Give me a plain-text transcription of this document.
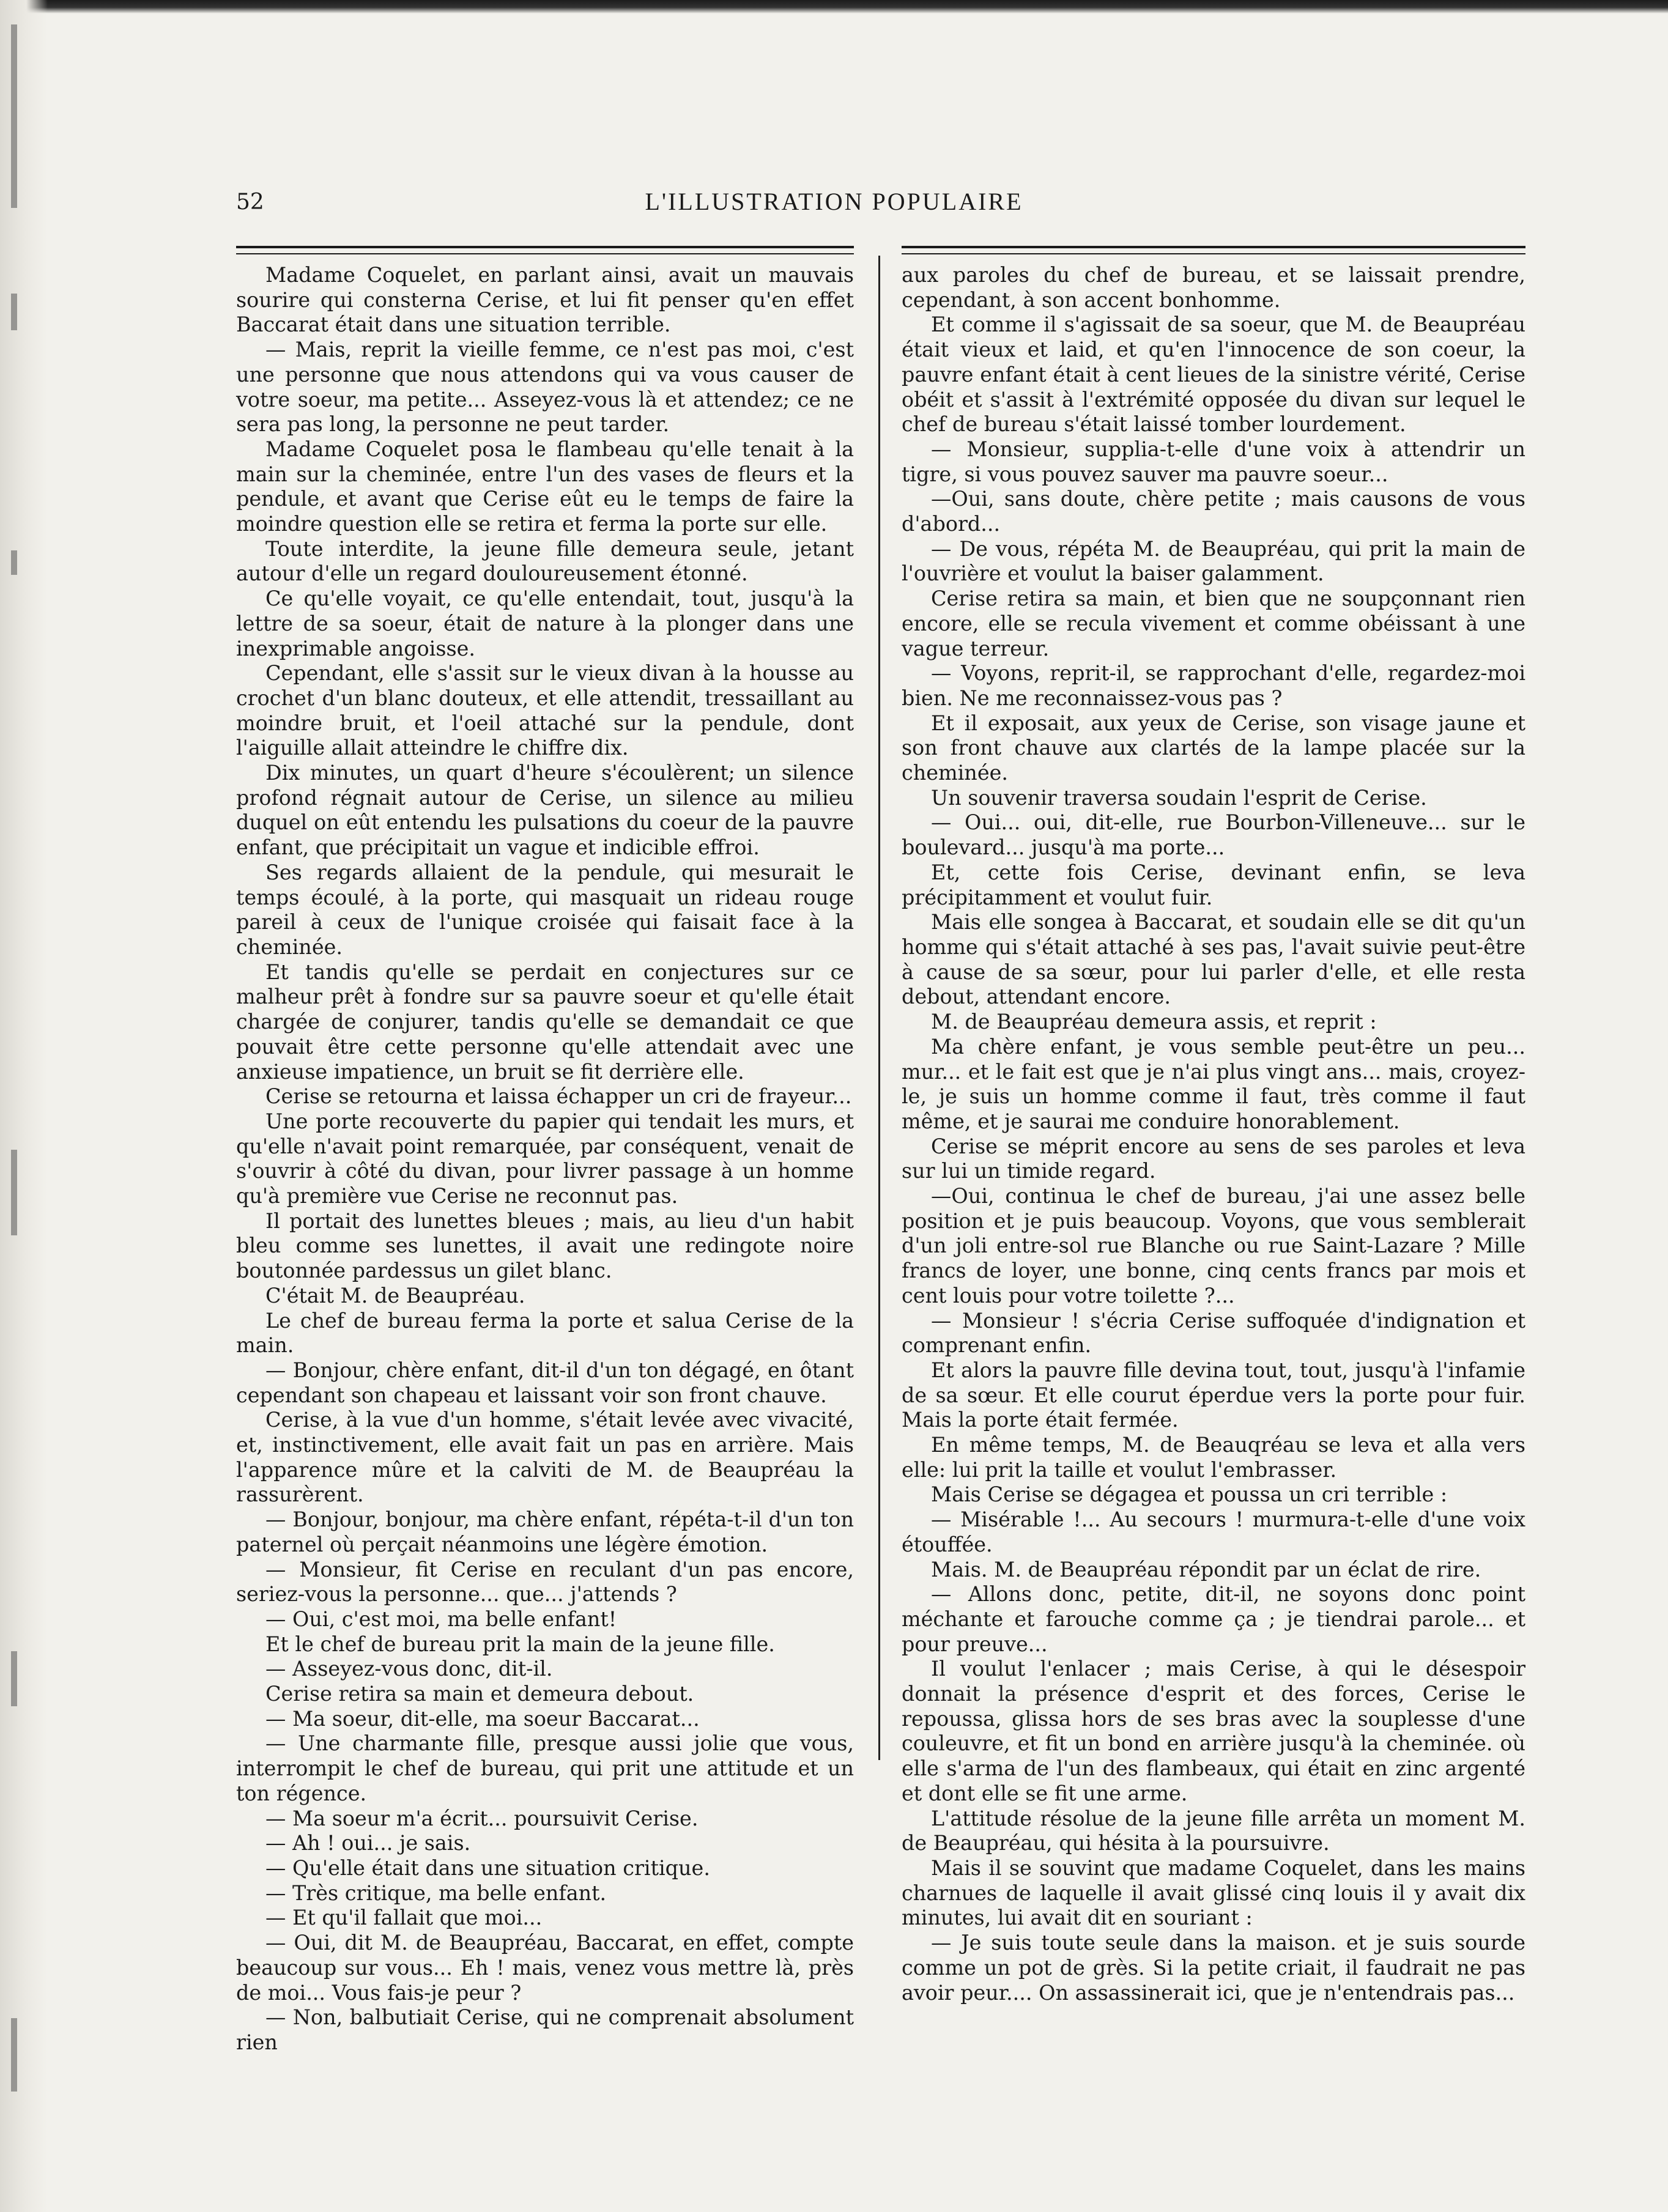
52	L'ILLUSTRATION POPULAIRE

Madame Coquelet, en parlant ainsi, avait un mauvais sourire qui consterna Cerise, et lui fit penser qu'en effet Baccarat était dans une situation terrible.

— Mais, reprit la vieille femme, ce n'est pas moi, c'est une personne que nous attendons qui va vous causer de votre soeur, ma petite... Asseyez-vous là et attendez; ce ne sera pas long, la personne ne peut tarder.

Madame Coquelet posa le flambeau qu'elle tenait à la main sur la cheminée, entre l'un des vases de fleurs et la pendule, et avant que Cerise eût eu le temps de faire la moindre question elle se retira et ferma la porte sur elle.

Toute interdite, la jeune fille demeura seule, jetant autour d'elle un regard douloureusement étonné.

Ce qu'elle voyait, ce qu'elle entendait, tout, jusqu'à la lettre de sa soeur, était de nature à la plonger dans une inexprimable angoisse.

Cependant, elle s'assit sur le vieux divan à la housse au crochet d'un blanc douteux, et elle attendit, tressaillant au moindre bruit, et l'oeil attaché sur la pendule, dont l'aiguille allait atteindre le chiffre dix.

Dix minutes, un quart d'heure s'écoulèrent; un silence profond régnait autour de Cerise, un silence au milieu duquel on eût entendu les pulsations du coeur de la pauvre enfant, que précipitait un vague et indicible effroi.

Ses regards allaient de la pendule, qui mesurait le temps écoulé, à la porte, qui masquait un rideau rouge pareil à ceux de l'unique croisée qui faisait face à la cheminée.

Et tandis qu'elle se perdait en conjectures sur ce malheur prêt à fondre sur sa pauvre soeur et qu'elle était chargée de conjurer, tandis qu'elle se demandait ce que pouvait être cette personne qu'elle attendait avec une anxieuse impatience, un bruit se fit derrière elle.

Cerise se retourna et laissa échapper un cri de frayeur...

Une porte recouverte du papier qui tendait les murs, et qu'elle n'avait point remarquée, par conséquent, venait de s'ouvrir à côté du divan, pour livrer passage à un homme qu'à première vue Cerise ne reconnut pas.

Il portait des lunettes bleues ; mais, au lieu d'un habit bleu comme ses lunettes, il avait une redingote noire boutonnée pardessus un gilet blanc.

C'était M. de Beaupréau.

Le chef de bureau ferma la porte et salua Cerise de la main.

— Bonjour, chère enfant, dit-il d'un ton dégagé, en ôtant cependant son chapeau et laissant voir son front chauve.

Cerise, à la vue d'un homme, s'était levée avec vivacité, et, instinctivement, elle avait fait un pas en arrière. Mais l'apparence mûre et la calviti de M. de Beaupréau la rassurèrent.

— Bonjour, bonjour, ma chère enfant, répéta-t-il d'un ton paternel où perçait néanmoins une légère émotion.

— Monsieur, fit Cerise en reculant d'un pas encore, seriez-vous la personne... que... j'attends ?

— Oui, c'est moi, ma belle enfant!

Et le chef de bureau prit la main de la jeune fille.

— Asseyez-vous donc, dit-il.

Cerise retira sa main et demeura debout.

— Ma soeur, dit-elle, ma soeur Baccarat...

— Une charmante fille, presque aussi jolie que vous, interrompit le chef de bureau, qui prit une attitude et un ton régence.

— Ma soeur m'a écrit... poursuivit Cerise.

— Ah ! oui... je sais.

— Qu'elle était dans une situation critique.

— Très critique, ma belle enfant.

— Et qu'il fallait que moi...

— Oui, dit M. de Beaupréau, Baccarat, en effet, compte beaucoup sur vous... Eh ! mais, venez vous mettre là, près de moi... Vous fais-je peur ?

— Non, balbutiait Cerise, qui ne comprenait absolument rien

aux paroles du chef de bureau, et se laissait prendre, cependant, à son accent bonhomme.

Et comme il s'agissait de sa soeur, que M. de Beaupréau était vieux et laid, et qu'en l'innocence de son coeur, la pauvre enfant était à cent lieues de la sinistre vérité, Cerise obéit et s'assit à l'extrémité opposée du divan sur lequel le chef de bureau s'était laissé tomber lourdement.

— Monsieur, supplia-t-elle d'une voix à attendrir un tigre, si vous pouvez sauver ma pauvre soeur...

—Oui, sans doute, chère petite ; mais causons de vous d'abord...

— De vous, répéta M. de Beaupréau, qui prit la main de l'ouvrière et voulut la baiser galamment.

Cerise retira sa main, et bien que ne soupçonnant rien encore, elle se recula vivement et comme obéissant à une vague terreur.

— Voyons, reprit-il, se rapprochant d'elle, regardez-moi bien. Ne me reconnaissez-vous pas ?

Et il exposait, aux yeux de Cerise, son visage jaune et son front chauve aux clartés de la lampe placée sur la cheminée.

Un souvenir traversa soudain l'esprit de Cerise.

— Oui... oui, dit-elle, rue Bourbon-Villeneuve... sur le boulevard... jusqu'à ma porte...

Et, cette fois Cerise, devinant enfin, se leva précipitamment et voulut fuir.

Mais elle songea à Baccarat, et soudain elle se dit qu'un homme qui s'était attaché à ses pas, l'avait suivie peut-être à cause de sa sœur, pour lui parler d'elle, et elle resta debout, attendant encore.

M. de Beaupréau demeura assis, et reprit :

Ma chère enfant, je vous semble peut-être un peu... mur... et le fait est que je n'ai plus vingt ans... mais, croyez-le, je suis un homme comme il faut, très comme il faut même, et je saurai me conduire honorablement.

Cerise se méprit encore au sens de ses paroles et leva sur lui un timide regard.

—Oui, continua le chef de bureau, j'ai une assez belle position et je puis beaucoup. Voyons, que vous semblerait d'un joli entre-sol rue Blanche ou rue Saint-Lazare ? Mille francs de loyer, une bonne, cinq cents francs par mois et cent louis pour votre toilette ?...

— Monsieur ! s'écria Cerise suffoquée d'indignation et comprenant enfin.

Et alors la pauvre fille devina tout, tout, jusqu'à l'infamie de sa sœur. Et elle courut éperdue vers la porte pour fuir. Mais la porte était fermée.

En même temps, M. de Beauqréau se leva et alla vers elle: lui prit la taille et voulut l'embrasser.

Mais Cerise se dégagea et poussa un cri terrible :

— Misérable !... Au secours ! murmura-t-elle d'une voix étouffée.

Mais. M. de Beaupréau répondit par un éclat de rire.

— Allons donc, petite, dit-il, ne soyons donc point méchante et farouche comme ça ; je tiendrai parole... et pour preuve...

Il voulut l'enlacer ; mais Cerise, à qui le désespoir donnait la présence d'esprit et des forces, Cerise le repoussa, glissa hors de ses bras avec la souplesse d'une couleuvre, et fit un bond en arrière jusqu'à la cheminée. où elle s'arma de l'un des flambeaux, qui était en zinc argenté et dont elle se fit une arme.

L'attitude résolue de la jeune fille arrêta un moment M. de Beaupréau, qui hésita à la poursuivre.

Mais il se souvint que madame Coquelet, dans les mains charnues de laquelle il avait glissé cinq louis il y avait dix minutes, lui avait dit en souriant :

— Je suis toute seule dans la maison. et je suis sourde comme un pot de grès. Si la petite criait, il faudrait ne pas avoir peur.... On assassinerait ici, que je n'entendrais pas...
